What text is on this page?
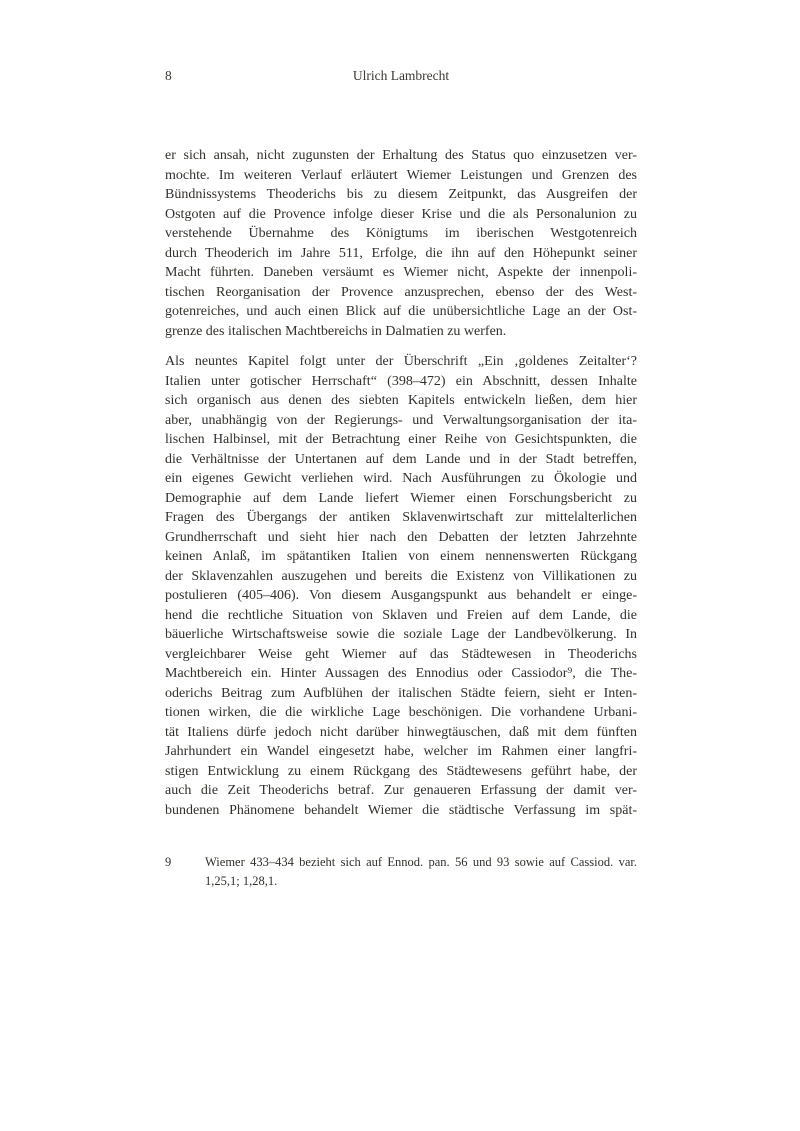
8	Ulrich Lambrecht
er sich ansah, nicht zugunsten der Erhaltung des Status quo einzusetzen ver-
mochte. Im weiteren Verlauf erläutert Wiemer Leistungen und Grenzen des
Bündnissystems Theoderichs bis zu diesem Zeitpunkt, das Ausgreifen der
Ostgoten auf die Provence infolge dieser Krise und die als Personalunion zu
verstehende Übernahme des Königtums im iberischen Westgotenreich
durch Theoderich im Jahre 511, Erfolge, die ihn auf den Höhepunkt seiner
Macht führten. Daneben versäumt es Wiemer nicht, Aspekte der innenpoli-
tischen Reorganisation der Provence anzusprechen, ebenso der des West-
gotenreiches, und auch einen Blick auf die unübersichtliche Lage an der Ost-
grenze des italischen Machtbereichs in Dalmatien zu werfen.
Als neuntes Kapitel folgt unter der Überschrift „Ein ‚goldenes Zeitalter‘?
Italien unter gotischer Herrschaft“ (398–472) ein Abschnitt, dessen Inhalte
sich organisch aus denen des siebten Kapitels entwickeln ließen, dem hier
aber, unabhängig von der Regierungs- und Verwaltungsorganisation der ita-
lischen Halbinsel, mit der Betrachtung einer Reihe von Gesichtspunkten, die
die Verhältnisse der Untertanen auf dem Lande und in der Stadt betreffen,
ein eigenes Gewicht verliehen wird. Nach Ausführungen zu Ökologie und
Demographie auf dem Lande liefert Wiemer einen Forschungsbericht zu
Fragen des Übergangs der antiken Sklavenwirtschaft zur mittelalterlichen
Grundherrschaft und sieht hier nach den Debatten der letzten Jahrzehnte
keinen Anlaß, im spätantiken Italien von einem nennenswerten Rückgang
der Sklavenzahlen auszugehen und bereits die Existenz von Villikationen zu
postulieren (405–406). Von diesem Ausgangspunkt aus behandelt er einge-
hend die rechtliche Situation von Sklaven und Freien auf dem Lande, die
bäuerliche Wirtschaftsweise sowie die soziale Lage der Landbevölkerung. In
vergleichbarer Weise geht Wiemer auf das Städtewesen in Theoderichs
Machtbereich ein. Hinter Aussagen des Ennodius oder Cassiodor⁹, die The-
oderichs Beitrag zum Aufblühen der italischen Städte feiern, sieht er Inten-
tionen wirken, die die wirkliche Lage beschönigen. Die vorhandene Urbani-
tät Italiens dürfe jedoch nicht darüber hinwegtäuschen, daß mit dem fünften
Jahrhundert ein Wandel eingesetzt habe, welcher im Rahmen einer langfri-
stigen Entwicklung zu einem Rückgang des Städtewesens geführt habe, der
auch die Zeit Theoderichs betraf. Zur genaueren Erfassung der damit ver-
bundenen Phänomene behandelt Wiemer die städtische Verfassung im spät-
9	Wiemer 433–434 bezieht sich auf Ennod. pan. 56 und 93 sowie auf Cassiod. var.
1,25,1; 1,28,1.
